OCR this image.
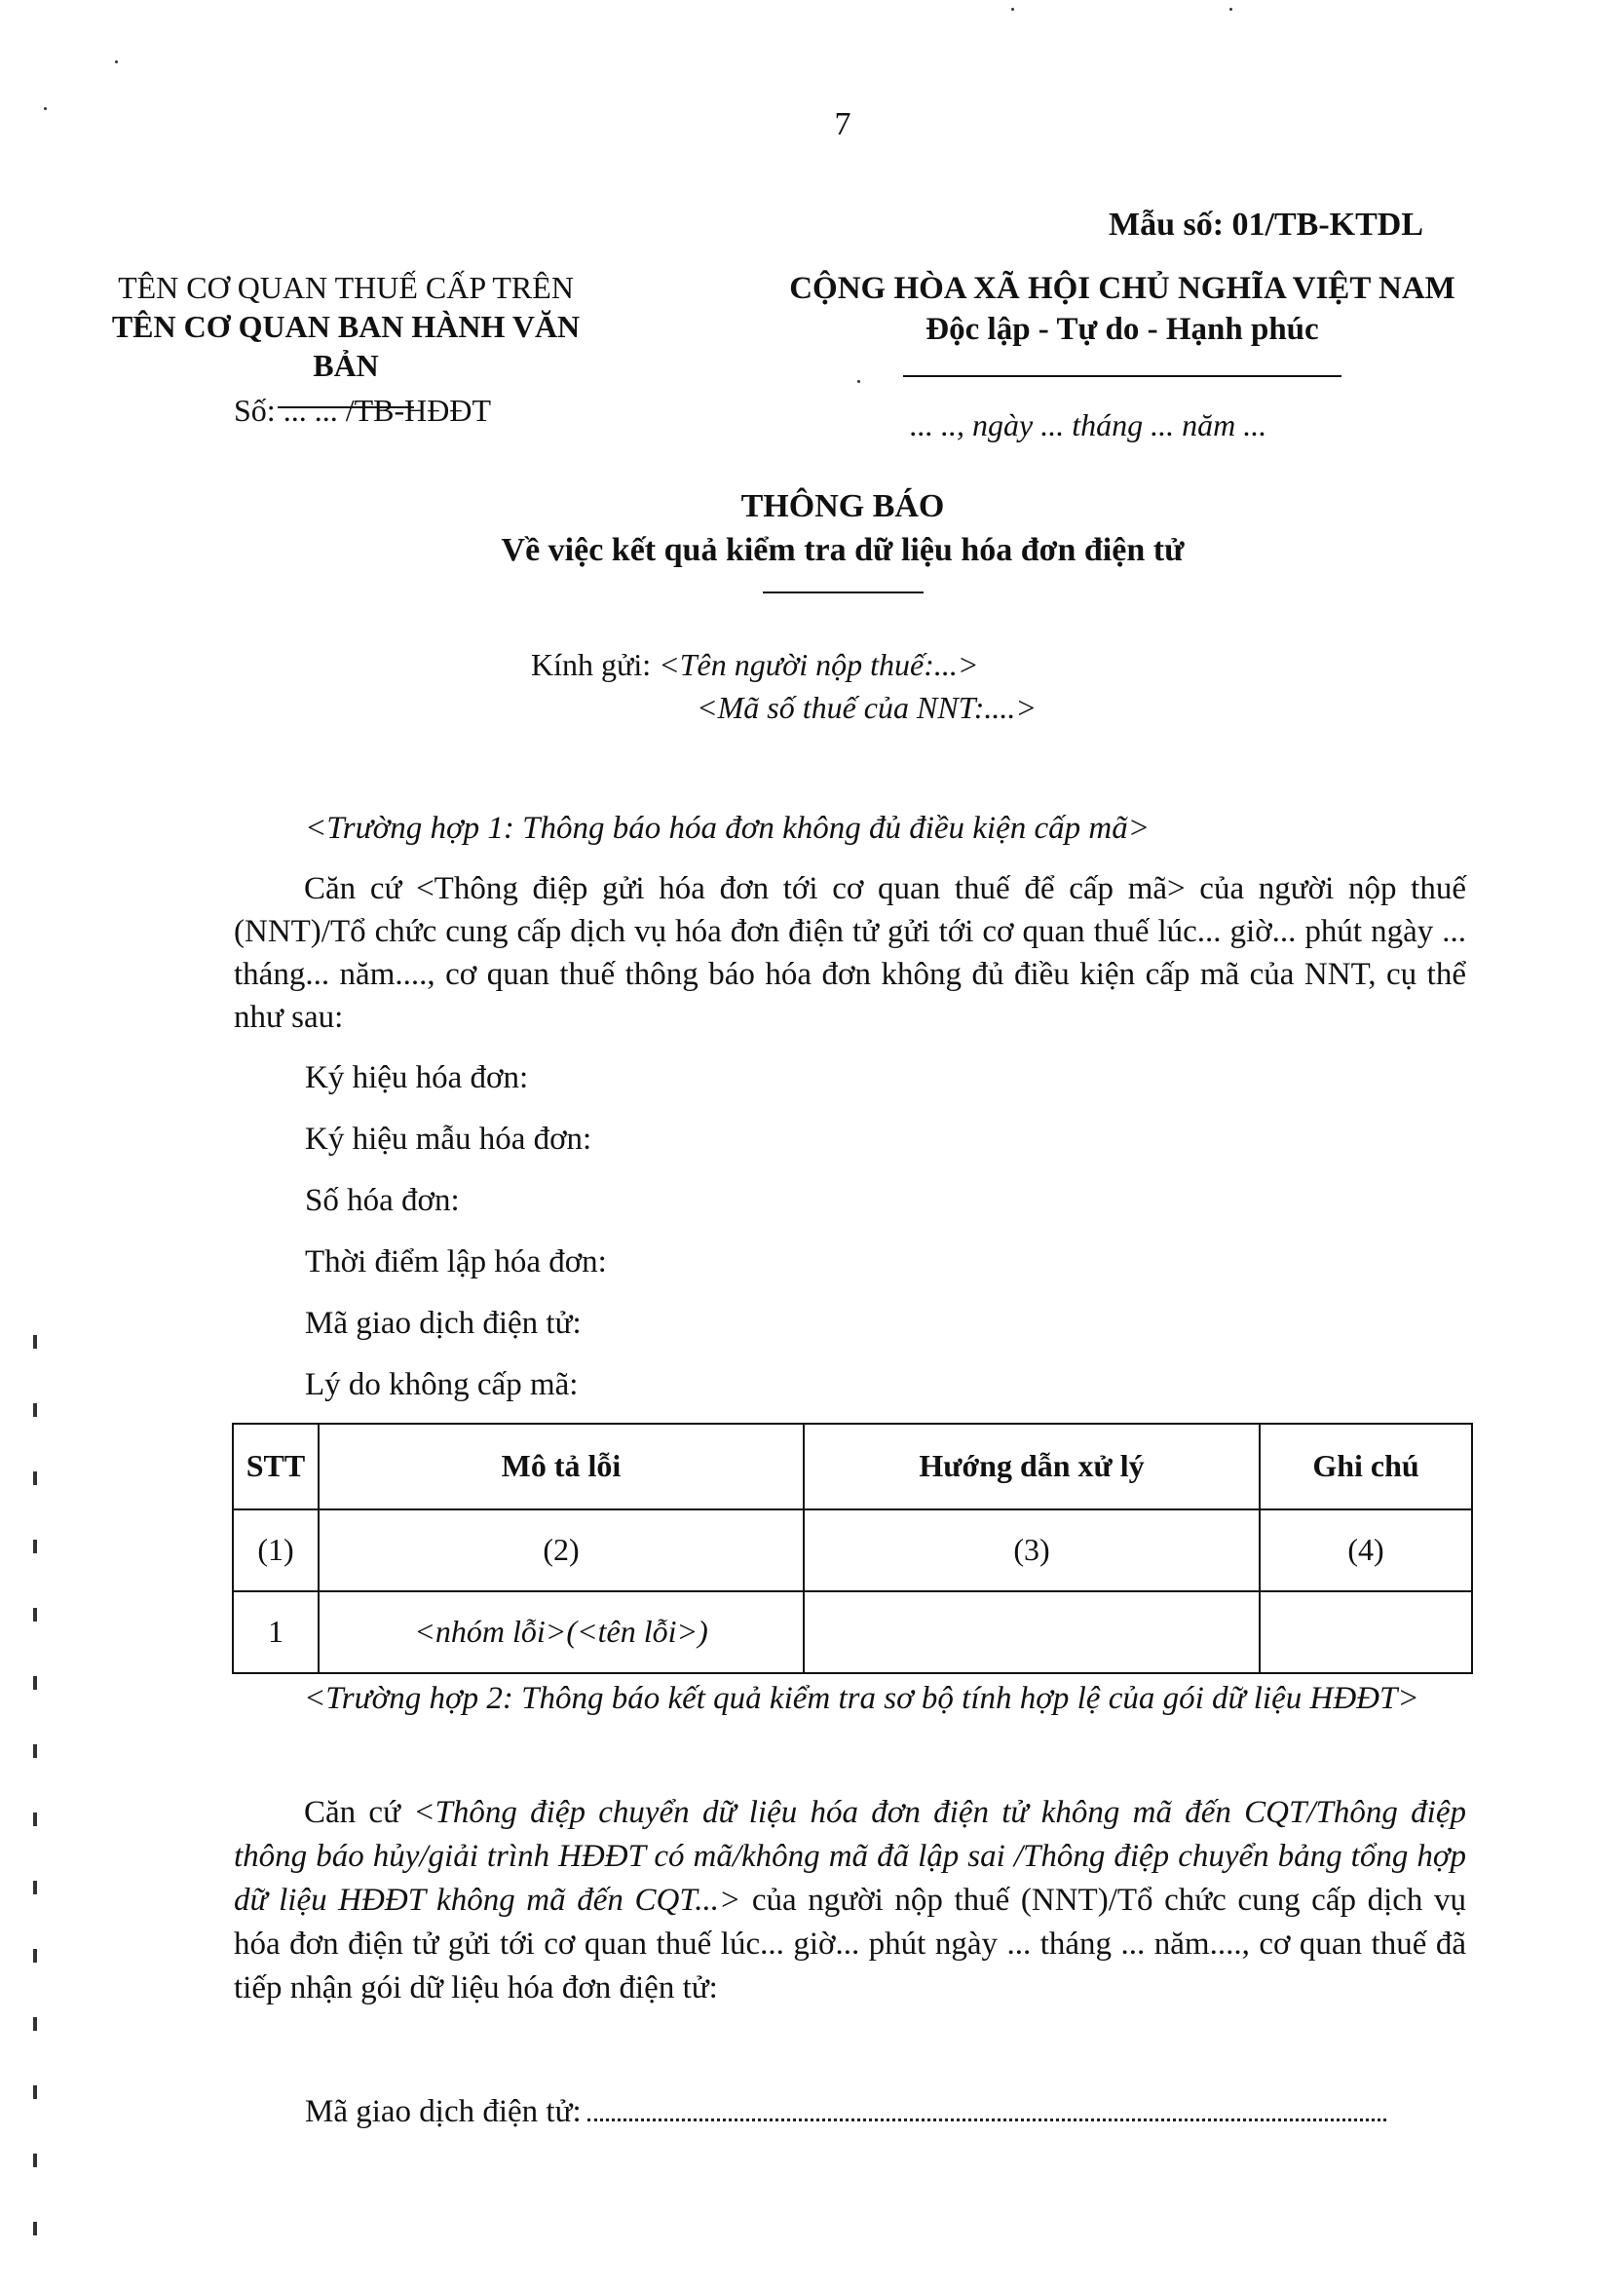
7
Mẫu số: 01/TB-KTDL
TÊN CƠ QUAN THUẾ CẤP TRÊN
TÊN CƠ QUAN BAN HÀNH VĂN BẢN
Số: ... ... /TB-HĐĐT
CỘNG HÒA XÃ HỘI CHỦ NGHĨA VIỆT NAM
Độc lập - Tự do - Hạnh phúc
... .., ngày ... tháng ... năm ...
THÔNG BÁO
Về việc kết quả kiểm tra dữ liệu hóa đơn điện tử
Kính gửi: <Tên người nộp thuế:...>
<Mã số thuế của NNT:....>
<Trường hợp 1: Thông báo hóa đơn không đủ điều kiện cấp mã>
Căn cứ <Thông điệp gửi hóa đơn tới cơ quan thuế để cấp mã> của người nộp thuế (NNT)/Tổ chức cung cấp dịch vụ hóa đơn điện tử gửi tới cơ quan thuế lúc... giờ... phút ngày ... tháng... năm...., cơ quan thuế thông báo hóa đơn không đủ điều kiện cấp mã của NNT, cụ thể như sau:
Ký hiệu hóa đơn:
Ký hiệu mẫu hóa đơn:
Số hóa đơn:
Thời điểm lập hóa đơn:
Mã giao dịch điện tử:
Lý do không cấp mã:
STT	Mô tả lỗi	Hướng dẫn xử lý	Ghi chú
(1)	(2)	(3)	(4)
1	<nhóm lỗi>(<tên lỗi>)		
<Trường hợp 2: Thông báo kết quả kiểm tra sơ bộ tính hợp lệ của gói dữ liệu HĐĐT>
Căn cứ <Thông điệp chuyển dữ liệu hóa đơn điện tử không mã đến CQT/Thông điệp thông báo hủy/giải trình HĐĐT có mã/không mã đã lập sai /Thông điệp chuyển bảng tổng hợp dữ liệu HĐĐT không mã đến CQT...> của người nộp thuế (NNT)/Tổ chức cung cấp dịch vụ hóa đơn điện tử gửi tới cơ quan thuế lúc... giờ... phút ngày ... tháng ... năm...., cơ quan thuế đã tiếp nhận gói dữ liệu hóa đơn điện tử:
Mã giao dịch điện tử:
